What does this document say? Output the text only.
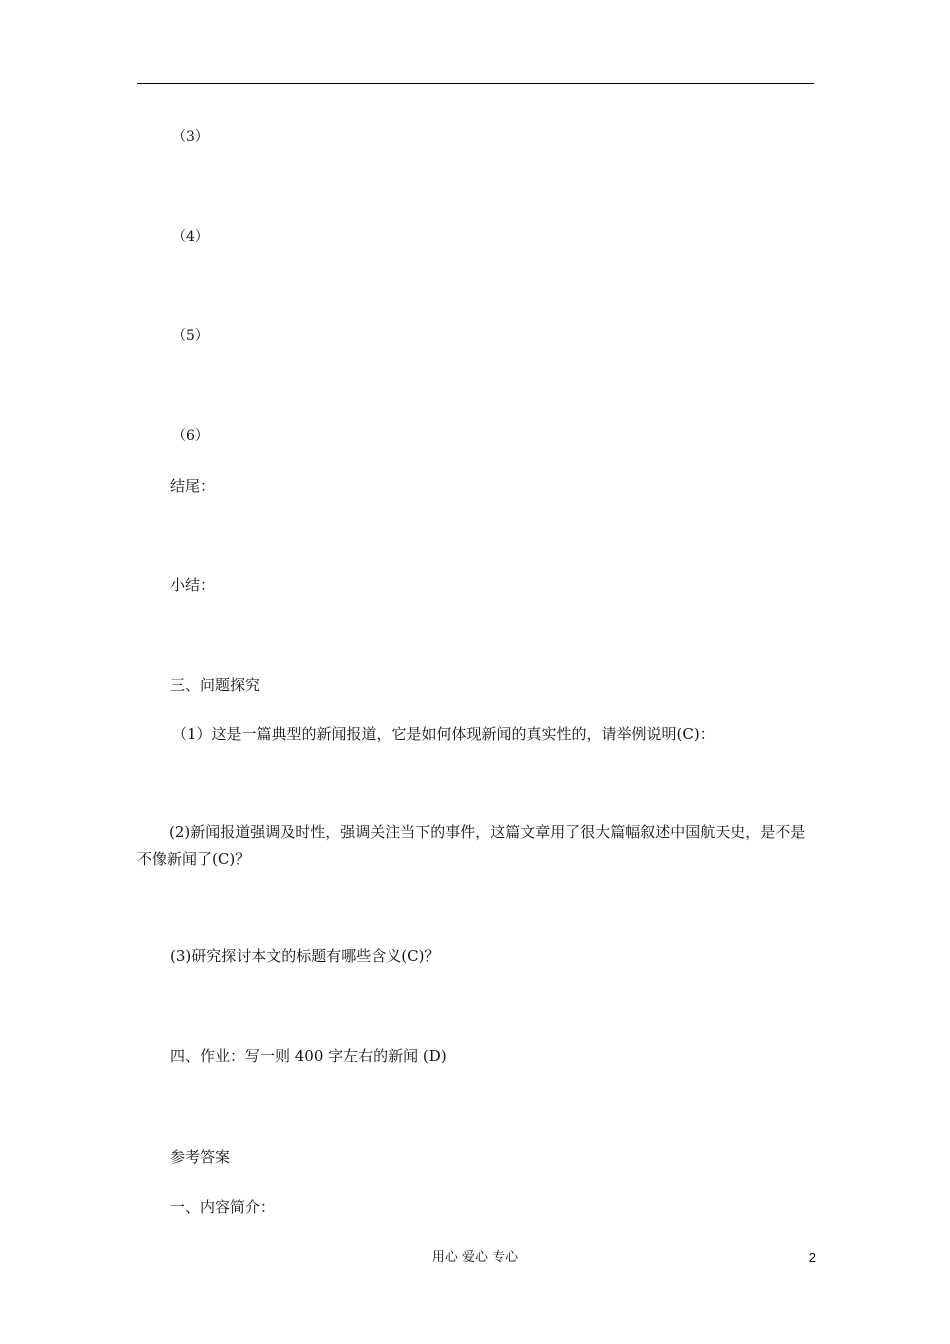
（3）
（4）
（5）
（6）
结尾：
小结：
三、问题探究
（1）这是一篇典型的新闻报道，它是如何体现新闻的真实性的，请举例说明(C)：
(2)新闻报道强调及时性，强调关注当下的事件，这篇文章用了很大篇幅叙述中国航天史，是不是不像新闻了(C)？
(3)研究探讨本文的标题有哪些含义(C)？
四、作业：写一则 400 字左右的新闻 (D)
参考答案
一、内容简介：
用心 爱心 专心	2
